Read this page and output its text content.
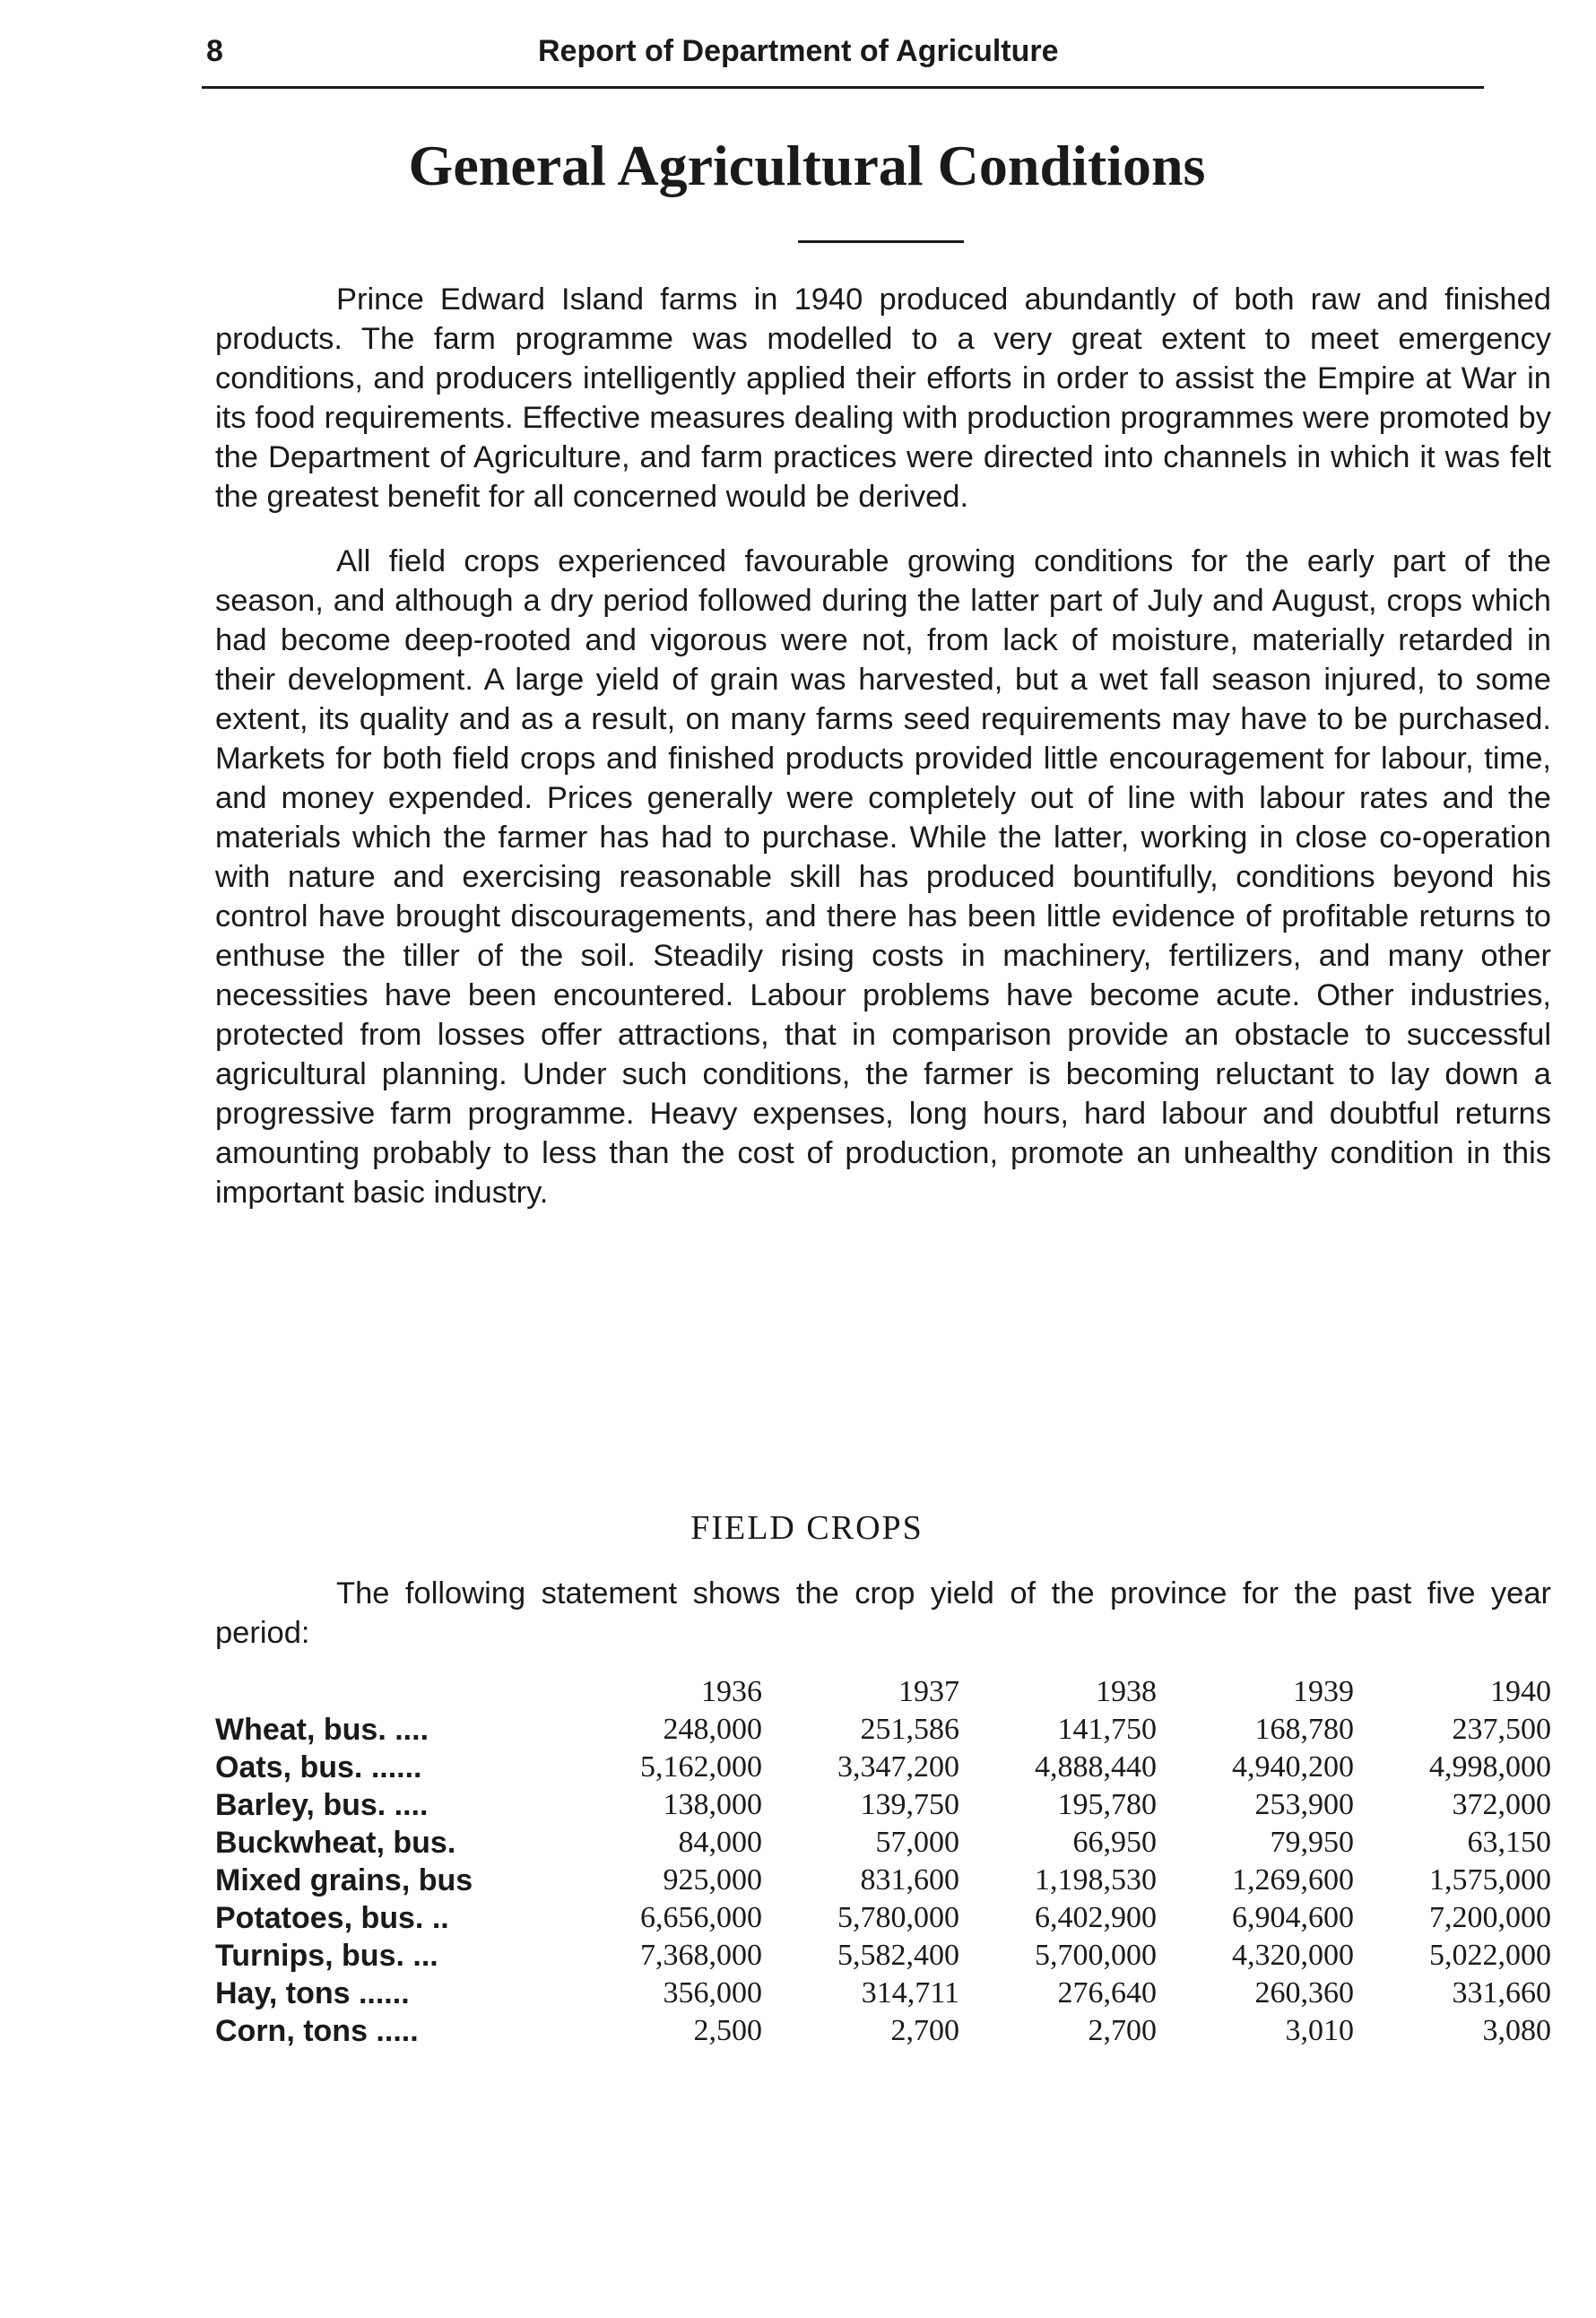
8	Report of Department of Agriculture
General Agricultural Conditions

Prince Edward Island farms in 1940 produced abundantly of both raw and finished products. The farm programme was modelled to a very great extent to meet emergency conditions, and producers intelligently applied their efforts in order to assist the Empire at War in its food requirements. Effective measures dealing with production programmes were promoted by the Department of Agriculture, and farm practices were directed into channels in which it was felt the greatest benefit for all concerned would be derived.

All field crops experienced favourable growing conditions for the early part of the season, and although a dry period followed during the latter part of July and August, crops which had become deep-rooted and vigorous were not, from lack of moisture, materially retarded in their development. A large yield of grain was harvested, but a wet fall season injured, to some extent, its quality and as a result, on many farms seed requirements may have to be purchased. Markets for both field crops and finished products provided little encouragement for labour, time, and money expended. Prices generally were completely out of line with labour rates and the materials which the farmer has had to purchase. While the latter, working in close co-operation with nature and exercising reasonable skill has produced bountifully, conditions beyond his control have brought discouragements, and there has been little evidence of profitable returns to enthuse the tiller of the soil. Steadily rising costs in machinery, fertilizers, and many other necessities have been encountered. Labour problems have become acute. Other industries, protected from losses offer attractions, that in comparison provide an obstacle to successful agricultural planning. Under such conditions, the farmer is becoming reluctant to lay down a progressive farm programme. Heavy expenses, long hours, hard labour and doubtful returns amounting probably to less than the cost of production, promote an unhealthy condition in this important basic industry.

FIELD CROPS

The following statement shows the crop yield of the province for the past five year period:

	1936	1937	1938	1939	1940
Wheat, bus. ....	248,000	251,586	141,750	168,780	237,500
Oats, bus. ......	5,162,000	3,347,200	4,888,440	4,940,200	4,998,000
Barley, bus. ....	138,000	139,750	195,780	253,900	372,000
Buckwheat, bus.	84,000	57,000	66,950	79,950	63,150
Mixed grains, bus	925,000	831,600	1,198,530	1,269,600	1,575,000
Potatoes, bus. ..	6,656,000	5,780,000	6,402,900	6,904,600	7,200,000
Turnips, bus. ...	7,368,000	5,582,400	5,700,000	4,320,000	5,022,000
Hay, tons ......	356,000	314,711	276,640	260,360	331,660
Corn, tons .....	2,500	2,700	2,700	3,010	3,080
